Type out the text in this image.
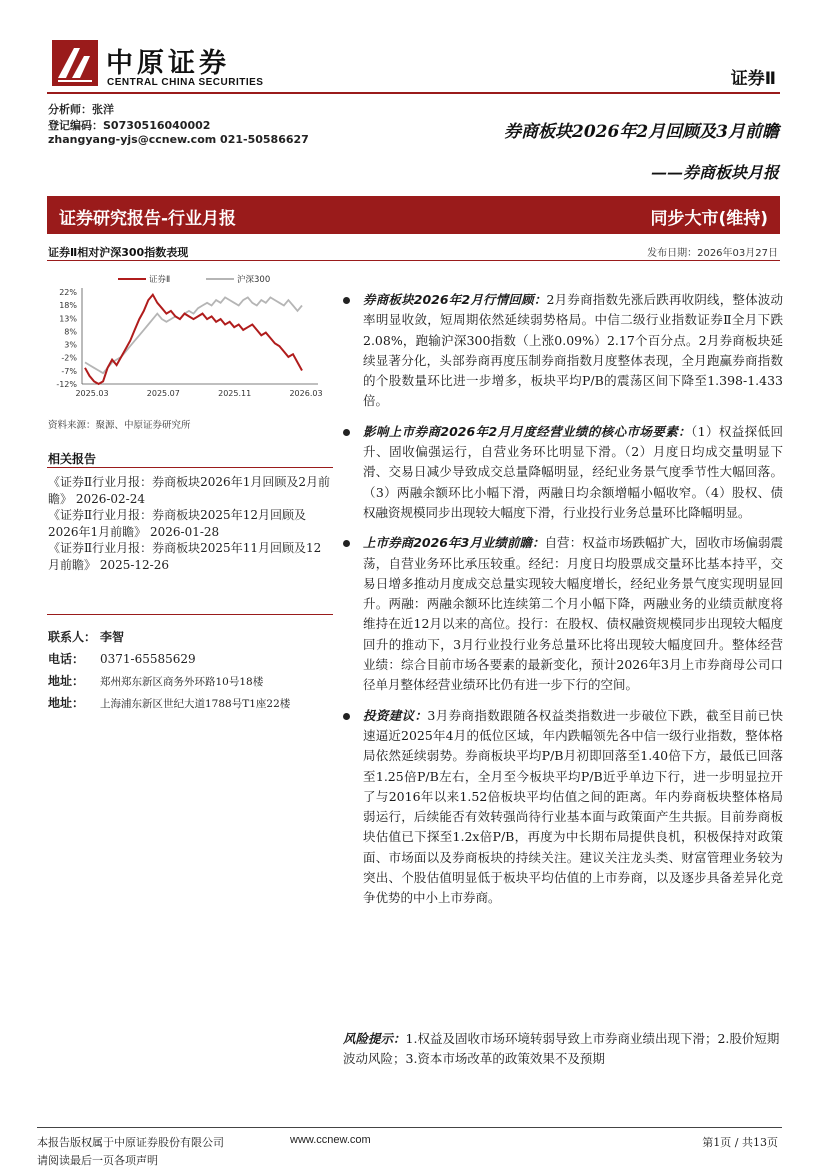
中原证券
CENTRAL CHINA SECURITIES	证券Ⅱ
分析师：张洋
登记编码：S0730516040002
zhangyang-yjs@ccnew.com 021-50586627	券商板块2026年2月回顾及3月前瞻
——券商板块月报
证券研究报告-行业月报	同步大市(维持)
证券Ⅱ相对沪深300指数表现	发布日期：2026年03月27日
22%
18%
13%
8%
3%
-2%
-7%
-12%
2025.03	2025.07	2025.11	2026.03
证券Ⅱ	沪深300
资料来源：聚源、中原证券研究所
相关报告

《证券Ⅱ行业月报：券商板块2026年1月回顾及2月前瞻》 2026-02-24

《证券Ⅱ行业月报：券商板块2025年12月回顾及2026年1月前瞻》 2026-01-28

《证券Ⅱ行业月报：券商板块2025年11月回顾及12月前瞻》 2025-12-26

联系人： 李智
电话： 0371-65585629
地址： 郑州郑东新区商务外环路10号18楼
地址： 上海浦东新区世纪大道1788号T1座22楼
券商板块2026年2月行情回顾：2月券商指数先涨后跌再收阴线，整体波动率明显收敛，短周期依然延续弱势格局。中信二级行业指数证券Ⅱ全月下跌2.08%，跑输沪深300指数（上涨0.09%）2.17个百分点。2月券商板块延续显著分化，头部券商再度压制券商指数月度整体表现，全月跑赢券商指数的个股数量环比进一步增多，板块平均P/B的震荡区间下降至1.398-1.433倍。
影响上市券商2026年2月月度经营业绩的核心市场要素：（1）权益探低回升、固收偏强运行，自营业务环比明显下滑。（2）月度日均成交量明显下滑、交易日减少导致成交总量降幅明显，经纪业务景气度季节性大幅回落。（3）两融余额环比小幅下滑，两融日均余额增幅小幅收窄。（4）股权、债权融资规模同步出现较大幅度下滑，行业投行业务总量环比降幅明显。
上市券商2026年3月业绩前瞻：自营：权益市场跌幅扩大，固收市场偏弱震荡，自营业务环比承压较重。经纪：月度日均股票成交量环比基本持平，交易日增多推动月度成交总量实现较大幅度增长，经纪业务景气度实现明显回升。两融：两融余额环比连续第二个月小幅下降，两融业务的业绩贡献度将维持在近12月以来的高位。投行：在股权、债权融资规模同步出现较大幅度回升的推动下，3月行业投行业务总量环比将出现较大幅度回升。整体经营业绩：综合目前市场各要素的最新变化，预计2026年3月上市券商母公司口径单月整体经营业绩环比仍有进一步下行的空间。
投资建议：3月券商指数跟随各权益类指数进一步破位下跌，截至目前已快速逼近2025年4月的低位区域，年内跌幅领先各中信一级行业指数，整体格局依然延续弱势。券商板块平均P/B月初即回落至1.40倍下方，最低已回落至1.25倍P/B左右，全月至今板块平均P/B近乎单边下行，进一步明显拉开了与2016年以来1.52倍板块平均估值之间的距离。年内券商板块整体格局弱运行，后续能否有效转强尚待行业基本面与政策面产生共振。目前券商板块估值已下探至1.2x倍P/B，再度为中长期布局提供良机，积极保持对政策面、市场面以及券商板块的持续关注。建议关注龙头类、财富管理业务较为突出、个股估值明显低于板块平均估值的上市券商，以及逐步具备差异化竞争优势的中小上市券商。
风险提示：1.权益及固收市场环境转弱导致上市券商业绩出现下滑；2.股价短期波动风险；3.资本市场改革的政策效果不及预期
本报告版权属于中原证券股份有限公司	www.ccnew.com
请阅读最后一页各项声明
第1页 / 共13页
